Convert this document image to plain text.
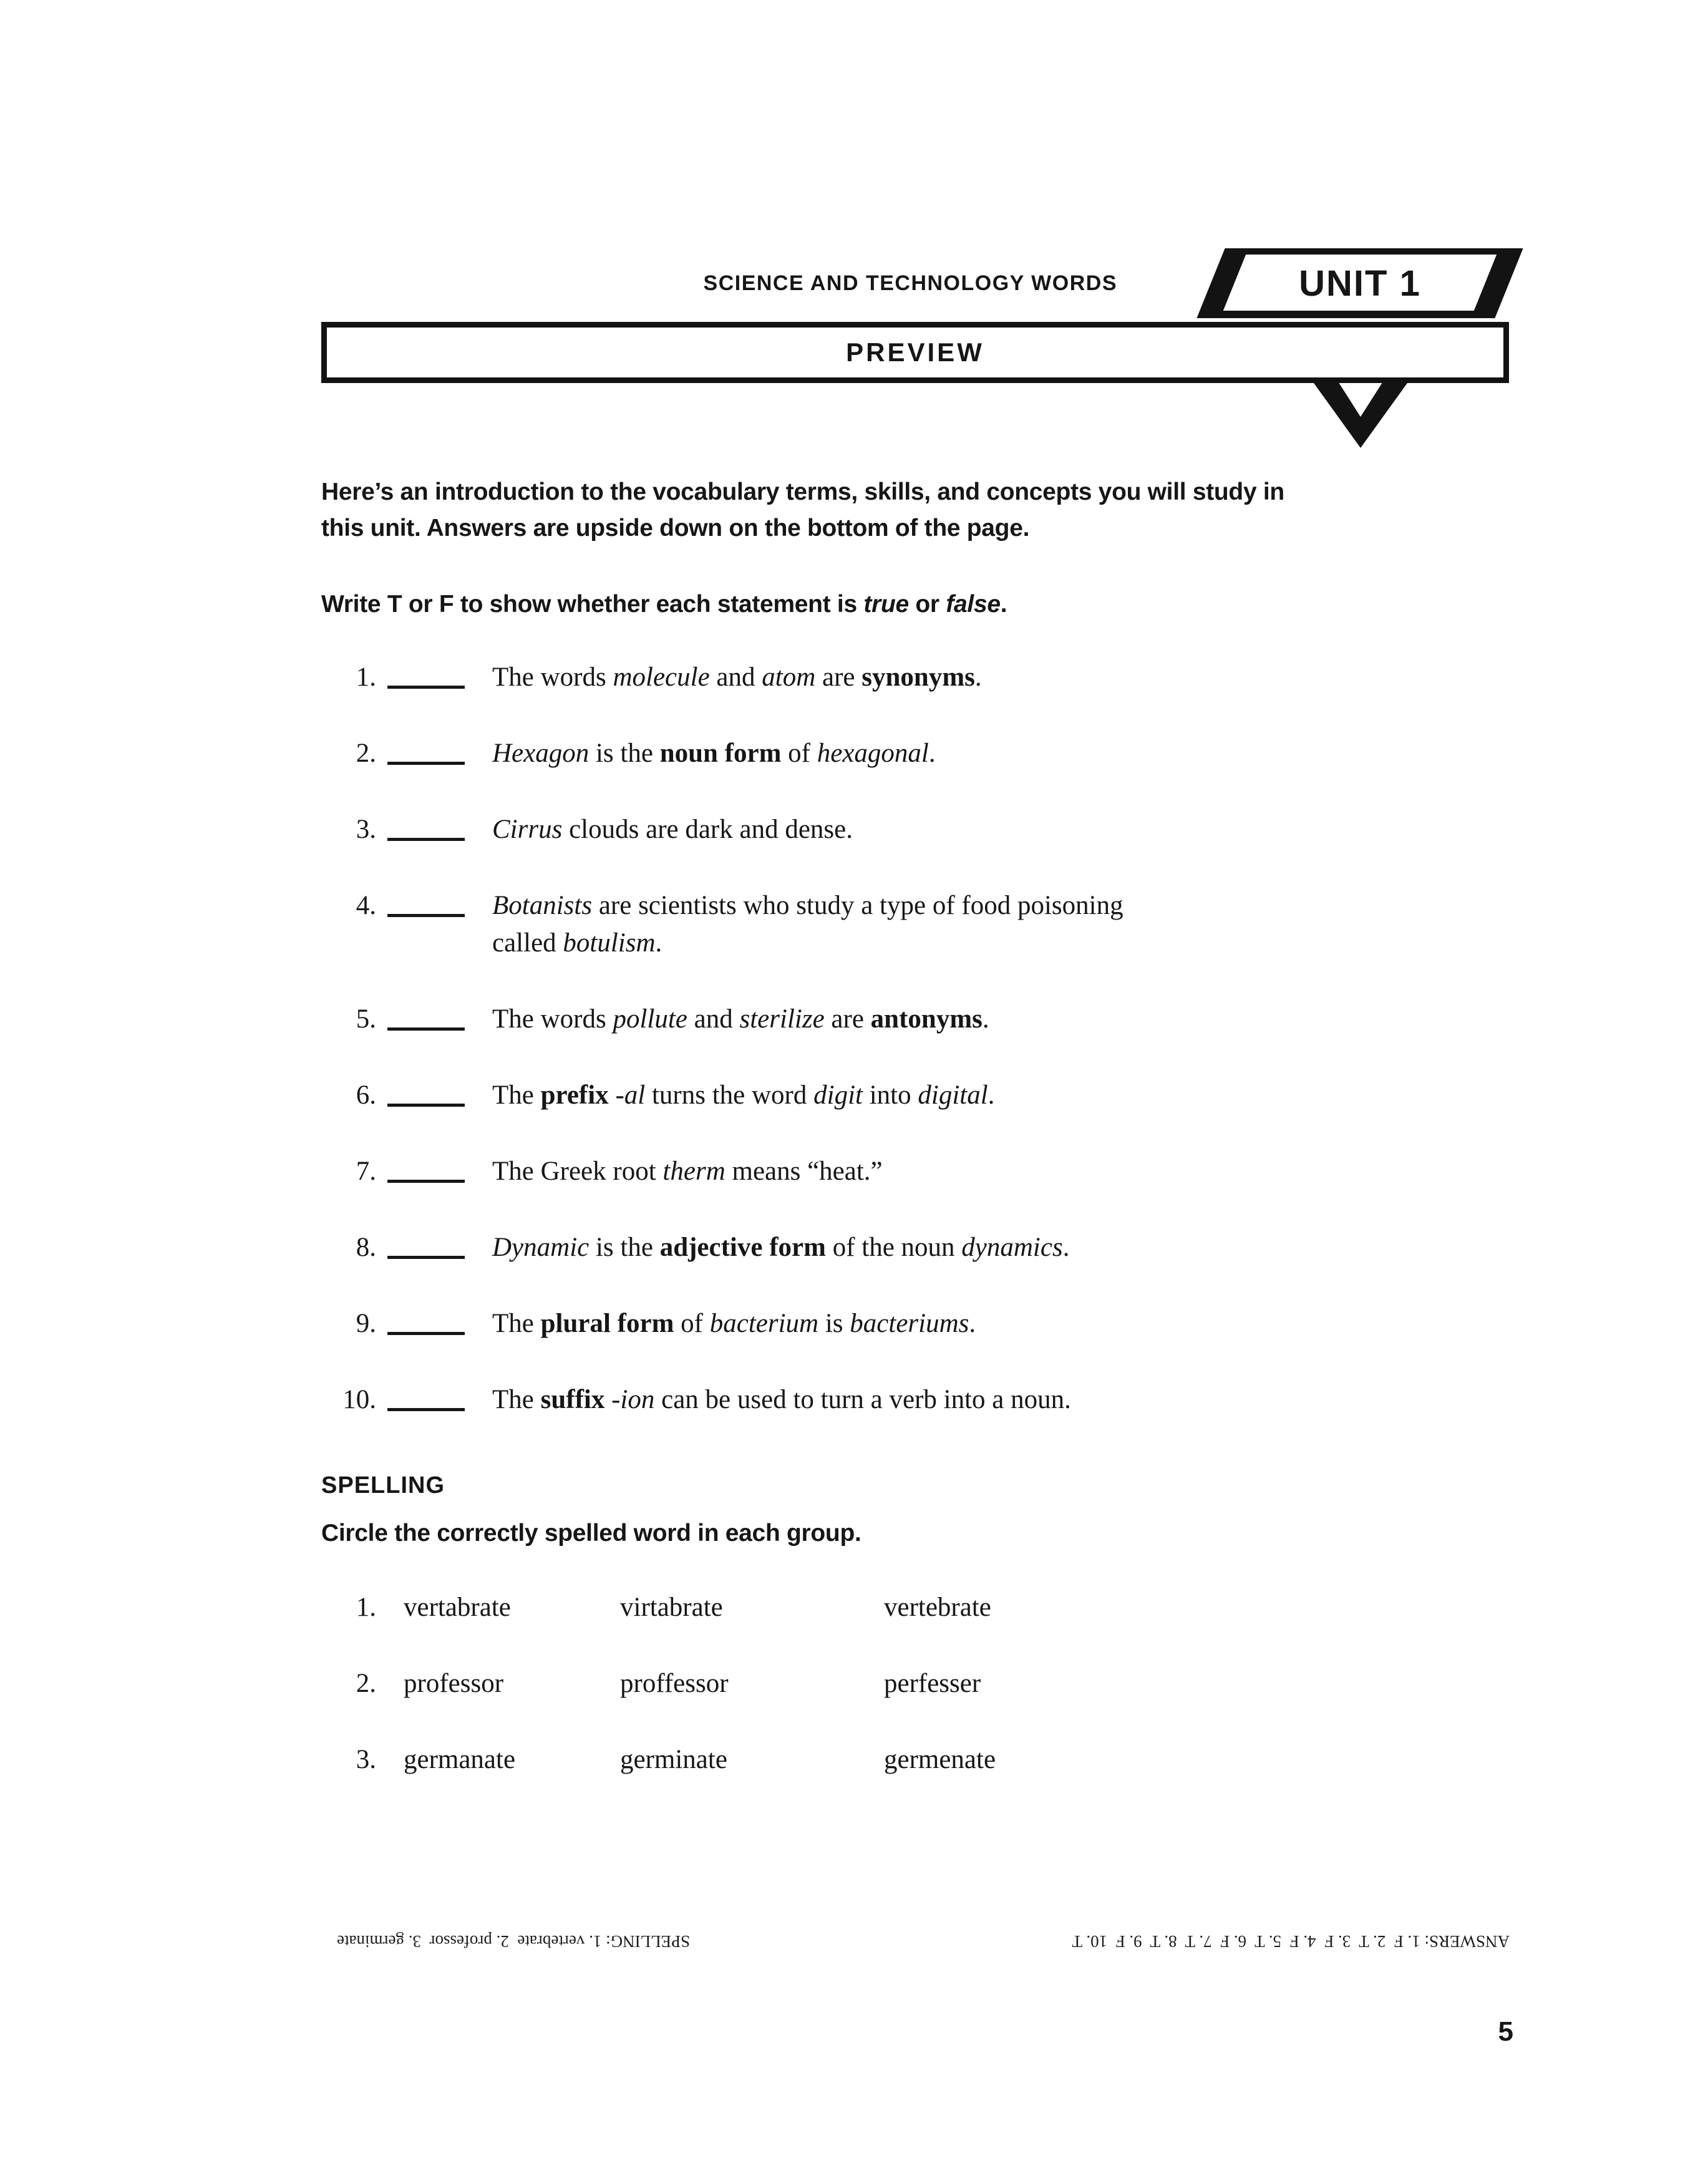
SCIENCE AND TECHNOLOGY WORDS	UNIT 1
PREVIEW

Here’s an introduction to the vocabulary terms, skills, and concepts you will study in
this unit. Answers are upside down on the bottom of the page.

Write T or F to show whether each statement is true or false.

1.	The words molecule and atom are synonyms.
2.	Hexagon is the noun form of hexagonal.
3.	Cirrus clouds are dark and dense.
4.	Botanists are scientists who study a type of food poisoning
called botulism.
5.	The words pollute and sterilize are antonyms.
6.	The prefix -al turns the word digit into digital.
7.	The Greek root therm means “heat.”
8.	Dynamic is the adjective form of the noun dynamics.
9.	The plural form of bacterium is bacteriums.
10.	The suffix -ion can be used to turn a verb into a noun.
SPELLING

Circle the correctly spelled word in each group.

1. vertabrate	virtabrate	vertebrate
2. professor	proffessor	perfesser
3. germanate	germinate	germenate
ANSWERS: 1. F  2. T  3. F  4. F  5. T  6. F  7. T  8. T  9. F  10. T
SPELLING: 1. vertebrate  2. professor  3. germinate
5
